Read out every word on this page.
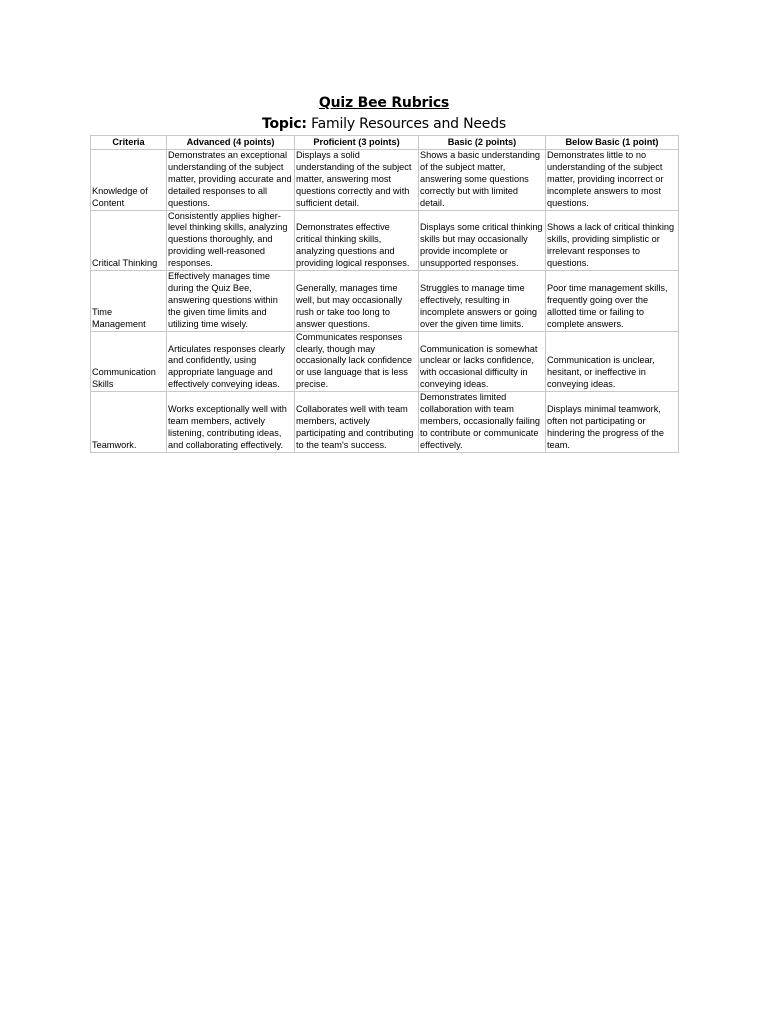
Quiz Bee Rubrics
Topic: Family Resources and Needs
Criteria	Advanced (4 points)	Proficient (3 points)	Basic (2 points)	Below Basic (1 point)
Knowledge of Content	Demonstrates an exceptional understanding of the subject matter, providing accurate and detailed responses to all questions.	Displays a solid understanding of the subject matter, answering most questions correctly and with sufficient detail.	Shows a basic understanding of the subject matter, answering some questions correctly but with limited detail.	Demonstrates little to no understanding of the subject matter, providing incorrect or incomplete answers to most questions.
Critical Thinking	Consistently applies higher-level thinking skills, analyzing questions thoroughly, and providing well-reasoned responses.	Demonstrates effective critical thinking skills, analyzing questions and providing logical responses.	Displays some critical thinking skills but may occasionally provide incomplete or unsupported responses.	Shows a lack of critical thinking skills, providing simplistic or irrelevant responses to questions.
Time Management	Effectively manages time during the Quiz Bee, answering questions within the given time limits and utilizing time wisely.	Generally, manages time well, but may occasionally rush or take too long to answer questions.	Struggles to manage time effectively, resulting in incomplete answers or going over the given time limits.	Poor time management skills, frequently going over the allotted time or failing to complete answers.
Communication Skills	Articulates responses clearly and confidently, using appropriate language and effectively conveying ideas.	Communicates responses clearly, though may occasionally lack confidence or use language that is less precise.	Communication is somewhat unclear or lacks confidence, with occasional difficulty in conveying ideas.	Communication is unclear, hesitant, or ineffective in conveying ideas.
Teamwork.	Works exceptionally well with team members, actively listening, contributing ideas, and collaborating effectively.	Collaborates well with team members, actively participating and contributing to the team's success.	Demonstrates limited collaboration with team members, occasionally failing to contribute or communicate effectively.	Displays minimal teamwork, often not participating or hindering the progress of the team.
